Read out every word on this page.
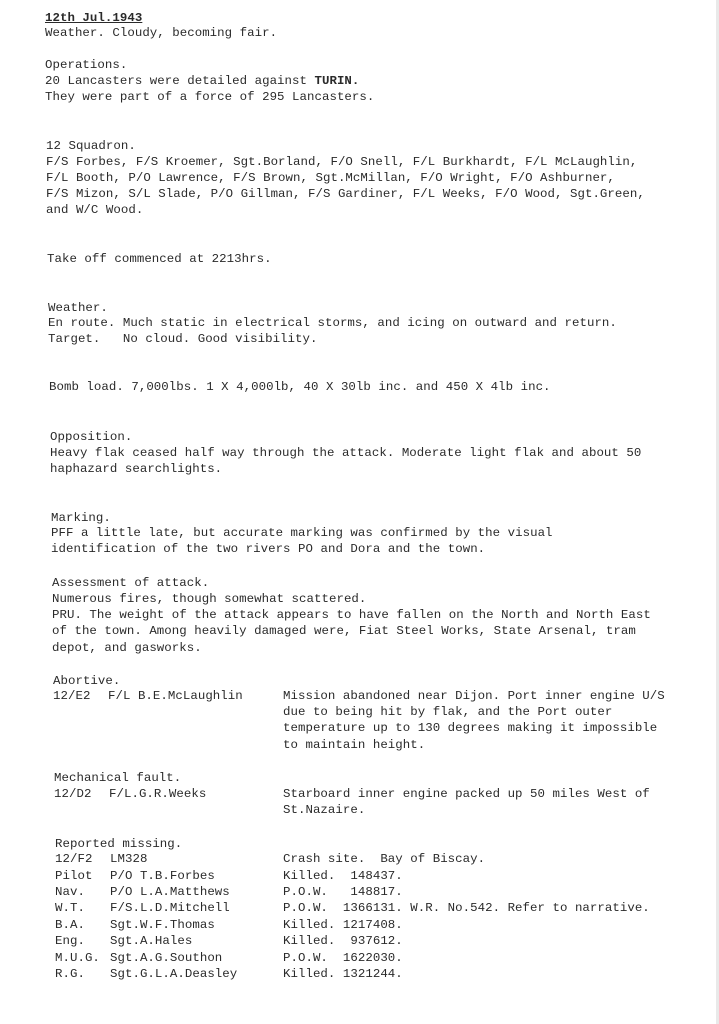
12th Jul.1943
Weather. Cloudy, becoming fair.
Operations.
20 Lancasters were detailed against TURIN.
They were part of a force of 295 Lancasters.
12 Squadron.
F/S Forbes, F/S Kroemer, Sgt.Borland, F/O Snell, F/L Burkhardt, F/L McLaughlin,
F/L Booth, P/O Lawrence, F/S Brown, Sgt.McMillan, F/O Wright, F/O Ashburner,
F/S Mizon, S/L Slade, P/O Gillman, F/S Gardiner, F/L Weeks, F/O Wood, Sgt.Green,
and W/C Wood.
Take off commenced at 2213hrs.
Weather.
En route. Much static in electrical storms, and icing on outward and return.
Target.   No cloud. Good visibility.
Bomb load. 7,000lbs. 1 X 4,000lb, 40 X 30lb inc. and 450 X 4lb inc.
Opposition.
Heavy flak ceased half way through the attack. Moderate light flak and about 50
haphazard searchlights.
Marking.
PFF a little late, but accurate marking was confirmed by the visual
identification of the two rivers PO and Dora and the town.
Assessment of attack.
Numerous fires, though somewhat scattered.
PRU. The weight of the attack appears to have fallen on the North and North East
of the town. Among heavily damaged were, Fiat Steel Works, State Arsenal, tram
depot, and gasworks.
Abortive.
12/E2 F/L B.E.McLaughlin	Mission abandoned near Dijon. Port inner engine U/S
due to being hit by flak, and the Port outer
temperature up to 130 degrees making it impossible
to maintain height.
Mechanical fault.
12/D2 F/L.G.R.Weeks	Starboard inner engine packed up 50 miles West of
St.Nazaire.
Reported missing.
12/F2 LM328	Crash site.  Bay of Biscay.
Pilot P/O T.B.Forbes	Killed.  148437.
Nav. P/O L.A.Matthews	P.O.W.   148817.
W.T. F/S.L.D.Mitchell	P.O.W.  1366131. W.R. No.542. Refer to narrative.
B.A. Sgt.W.F.Thomas	Killed. 1217408.
Eng. Sgt.A.Hales	Killed.  937612.
M.U.G. Sgt.A.G.Southon	P.O.W.  1622030.
R.G. Sgt.G.L.A.Deasley	Killed. 1321244.
